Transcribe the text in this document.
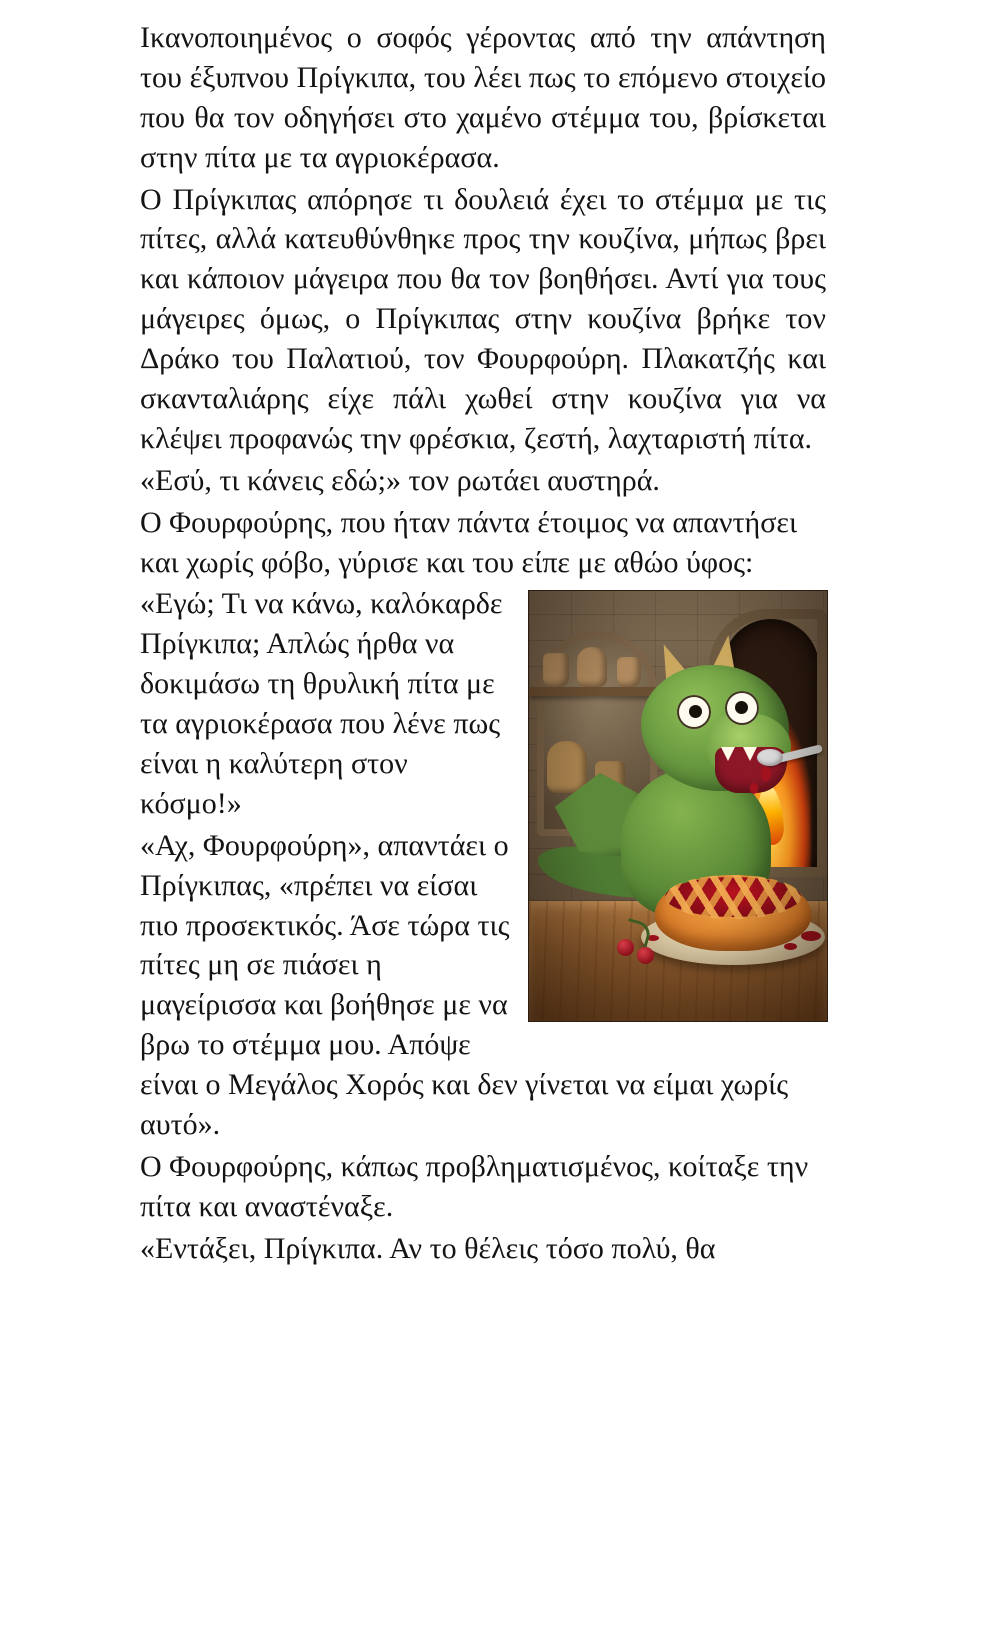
Ικανοποιημένος ο σοφός γέροντας από την απάντηση του έξυπνου Πρίγκιπα, του λέει πως το επόμενο στοιχείο που θα τον οδηγήσει στο χαμένο στέμμα του, βρίσκεται στην πίτα με τα αγριοκέρασα.

Ο Πρίγκιπας απόρησε τι δουλειά έχει το στέμμα με τις πίτες, αλλά κατευθύνθηκε προς την κουζίνα, μήπως βρει και κάποιον μάγειρα που θα τον βοηθήσει. Αντί για τους μάγειρες όμως, ο Πρίγκιπας στην κουζίνα βρήκε τον Δράκο του Παλατιού, τον Φουρφούρη. Πλακατζής και σκανταλιάρης είχε πάλι χωθεί στην κουζίνα για να κλέψει προφανώς την φρέσκια, ζεστή, λαχταριστή πίτα.

«Εσύ, τι κάνεις εδώ;» τον ρωτάει αυστηρά.

Ο Φουρφούρης, που ήταν πάντα έτοιμος να απαντήσει και χωρίς φόβο, γύρισε και του είπε με αθώο ύφος:

«Εγώ; Τι να κάνω, καλόκαρδε Πρίγκιπα; Απλώς ήρθα να δοκιμάσω τη θρυλική πίτα με τα αγριοκέρασα που λένε πως είναι η καλύτερη στον κόσμο!»

«Αχ, Φουρφούρη», απαντάει ο Πρίγκιπας, «πρέπει να είσαι πιο προσεκτικός. Άσε τώρα τις πίτες μη σε πιάσει η μαγείρισσα και βοήθησε με να βρω το στέμμα μου. Απόψε είναι ο Μεγάλος Χορός και δεν γίνεται να είμαι χωρίς αυτό».

Ο Φουρφούρης, κάπως προβληματισμένος, κοίταξε την πίτα και αναστέναξε.

«Εντάξει, Πρίγκιπα. Αν το θέλεις τόσο πολύ, θα
